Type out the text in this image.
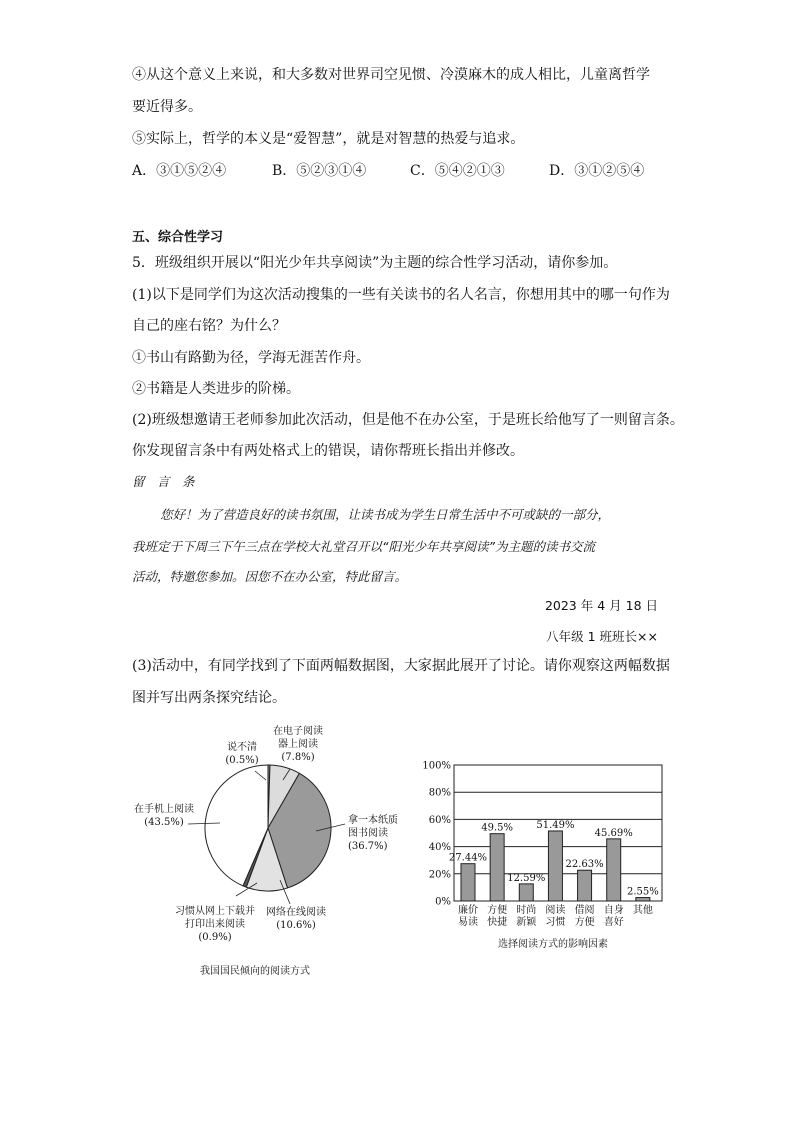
④从这个意义上来说，和大多数对世界司空见惯、冷漠麻木的成人相比，儿童离哲学
要近得多。
⑤实际上，哲学的本义是“爱智慧”，就是对智慧的热爱与追求。
A．③①⑤②④	B．⑤②③①④	C．⑤④②①③	D．③①②⑤④
五、综合性学习
5．班级组织开展以“阳光少年共享阅读”为主题的综合性学习活动，请你参加。
(1)以下是同学们为这次活动搜集的一些有关读书的名人名言，你想用其中的哪一句作为
自己的座右铭？为什么？
①书山有路勤为径，学海无涯苦作舟。
②书籍是人类进步的阶梯。
(2)班级想邀请王老师参加此次活动，但是他不在办公室，于是班长给他写了一则留言条。
你发现留言条中有两处格式上的错误，请你帮班长指出并修改。
留　言　条
您好！为了营造良好的读书氛围，让读书成为学生日常生活中不可或缺的一部分，
我班定于下周三下午三点在学校大礼堂召开以“阳光少年共享阅读”为主题的读书交流
活动，特邀您参加。因您不在办公室，特此留言。
2023 年 4 月 18 日
八年级 1 班班长××
(3)活动中，有同学找到了下面两幅数据图，大家据此展开了讨论。请你观察这两幅数据
图并写出两条探究结论。
说不清
(0.5%)
在电子阅读
器上阅读
(7.8%)
拿一本纸质
图书阅读
(36.7%)
网络在线阅读
(10.6%)
习惯从网上下载并
打印出来阅读
(0.9%)
在手机上阅读
(43.5%)
我国国民倾向的阅读方式
0%
20%
40%
60%
80%
100%
27.44%
廉价
易读
49.5%
方便
快捷
12.59%
时尚
新颖
51.49%
阅读
习惯
22.63%
借阅
方便
45.69%
自身
喜好
2.55%
其他
选择阅读方式的影响因素
